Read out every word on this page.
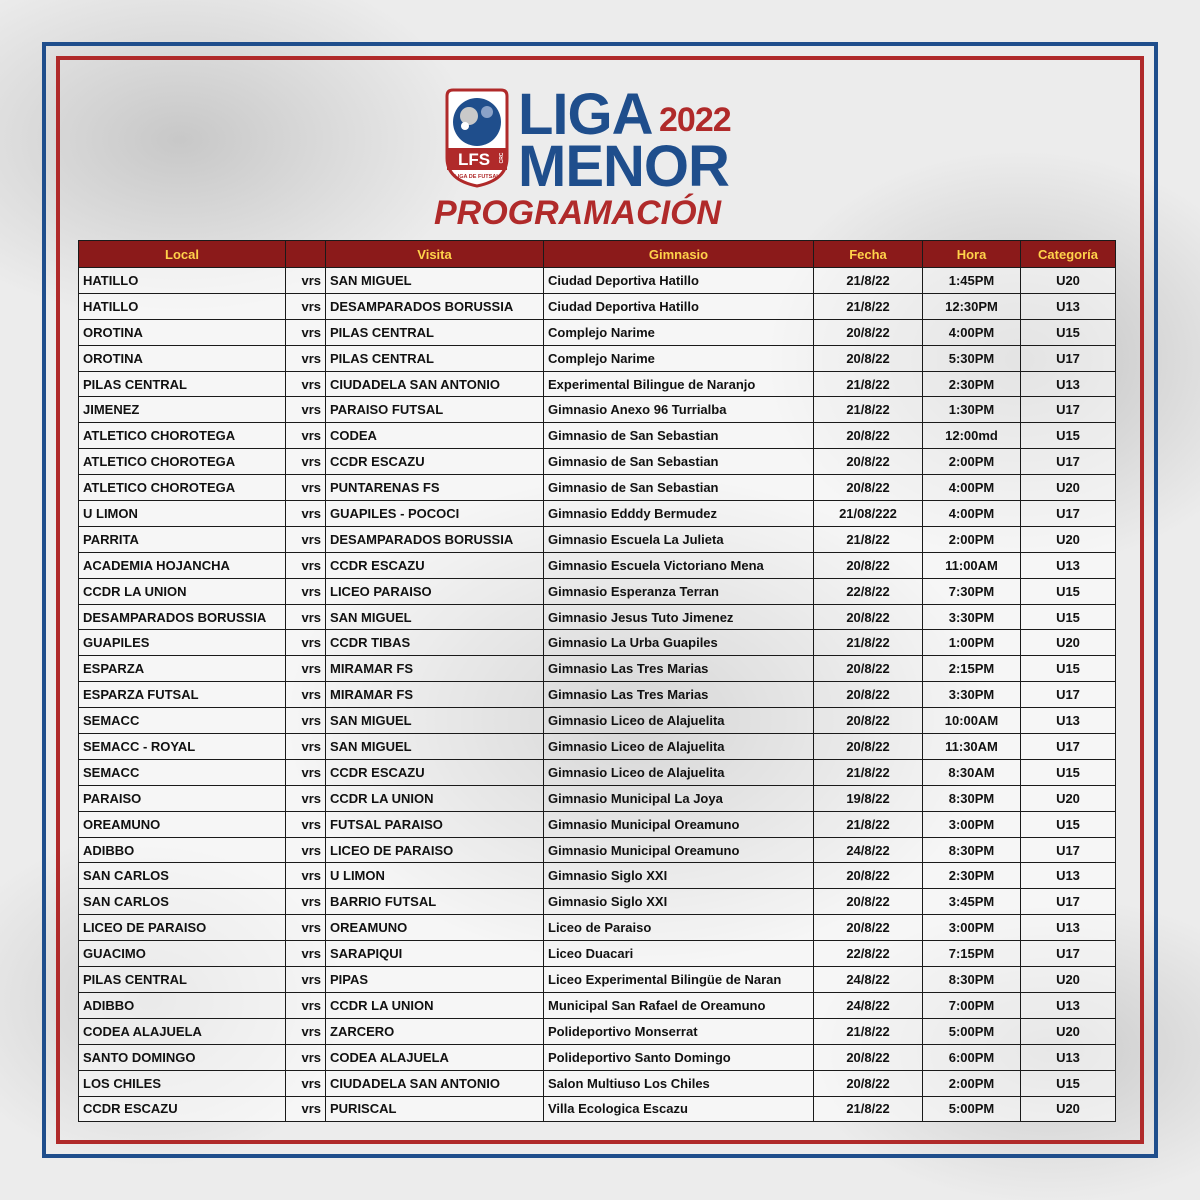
LFS CRC
LIGA DE FUTSAL
LIGA 2022
MENOR
PROGRAMACIÓN
Local		Visita	Gimnasio	Fecha	Hora	Categoría
HATILLO	vrs	SAN MIGUEL	Ciudad Deportiva Hatillo	21/8/22	1:45PM	U20
HATILLO	vrs	DESAMPARADOS BORUSSIA	Ciudad Deportiva Hatillo	21/8/22	12:30PM	U13
OROTINA	vrs	PILAS CENTRAL	Complejo Narime	20/8/22	4:00PM	U15
OROTINA	vrs	PILAS CENTRAL	Complejo Narime	20/8/22	5:30PM	U17
PILAS CENTRAL	vrs	CIUDADELA SAN ANTONIO	Experimental Bilingue de Naranjo	21/8/22	2:30PM	U13
JIMENEZ	vrs	PARAISO FUTSAL	Gimnasio Anexo 96 Turrialba	21/8/22	1:30PM	U17
ATLETICO CHOROTEGA	vrs	CODEA	Gimnasio de San Sebastian	20/8/22	12:00md	U15
ATLETICO CHOROTEGA	vrs	CCDR ESCAZU	Gimnasio de San Sebastian	20/8/22	2:00PM	U17
ATLETICO CHOROTEGA	vrs	PUNTARENAS FS	Gimnasio de San Sebastian	20/8/22	4:00PM	U20
U LIMON	vrs	GUAPILES - POCOCI	Gimnasio Edddy Bermudez	21/08/222	4:00PM	U17
PARRITA	vrs	DESAMPARADOS BORUSSIA	Gimnasio Escuela La Julieta	21/8/22	2:00PM	U20
ACADEMIA HOJANCHA	vrs	CCDR ESCAZU	Gimnasio Escuela Victoriano Mena	20/8/22	11:00AM	U13
CCDR LA UNION	vrs	LICEO PARAISO	Gimnasio Esperanza Terran	22/8/22	7:30PM	U15
DESAMPARADOS BORUSSIA	vrs	SAN MIGUEL	Gimnasio Jesus Tuto Jimenez	20/8/22	3:30PM	U15
GUAPILES	vrs	CCDR TIBAS	Gimnasio La Urba Guapiles	21/8/22	1:00PM	U20
ESPARZA	vrs	MIRAMAR FS	Gimnasio Las Tres Marias	20/8/22	2:15PM	U15
ESPARZA FUTSAL	vrs	MIRAMAR FS	Gimnasio Las Tres Marias	20/8/22	3:30PM	U17
SEMACC	vrs	SAN MIGUEL	Gimnasio Liceo de Alajuelita	20/8/22	10:00AM	U13
SEMACC - ROYAL	vrs	SAN MIGUEL	Gimnasio Liceo de Alajuelita	20/8/22	11:30AM	U17
SEMACC	vrs	CCDR ESCAZU	Gimnasio Liceo de Alajuelita	21/8/22	8:30AM	U15
PARAISO	vrs	CCDR LA UNION	Gimnasio Municipal La Joya	19/8/22	8:30PM	U20
OREAMUNO	vrs	FUTSAL PARAISO	Gimnasio Municipal Oreamuno	21/8/22	3:00PM	U15
ADIBBO	vrs	LICEO DE PARAISO	Gimnasio Municipal Oreamuno	24/8/22	8:30PM	U17
SAN CARLOS	vrs	U LIMON	Gimnasio Siglo XXI	20/8/22	2:30PM	U13
SAN CARLOS	vrs	BARRIO FUTSAL	Gimnasio Siglo XXI	20/8/22	3:45PM	U17
LICEO DE PARAISO	vrs	OREAMUNO	Liceo de Paraiso	20/8/22	3:00PM	U13
GUACIMO	vrs	SARAPIQUI	Liceo Duacari	22/8/22	7:15PM	U17
PILAS CENTRAL	vrs	PIPAS	Liceo Experimental Bilingüe de Naran	24/8/22	8:30PM	U20
ADIBBO	vrs	CCDR LA UNION	Municipal San Rafael de Oreamuno	24/8/22	7:00PM	U13
CODEA ALAJUELA	vrs	ZARCERO	Polideportivo Monserrat	21/8/22	5:00PM	U20
SANTO DOMINGO	vrs	CODEA ALAJUELA	Polideportivo Santo Domingo	20/8/22	6:00PM	U13
LOS CHILES	vrs	CIUDADELA SAN ANTONIO	Salon Multiuso Los Chiles	20/8/22	2:00PM	U15
CCDR ESCAZU	vrs	PURISCAL	Villa Ecologica Escazu	21/8/22	5:00PM	U20
